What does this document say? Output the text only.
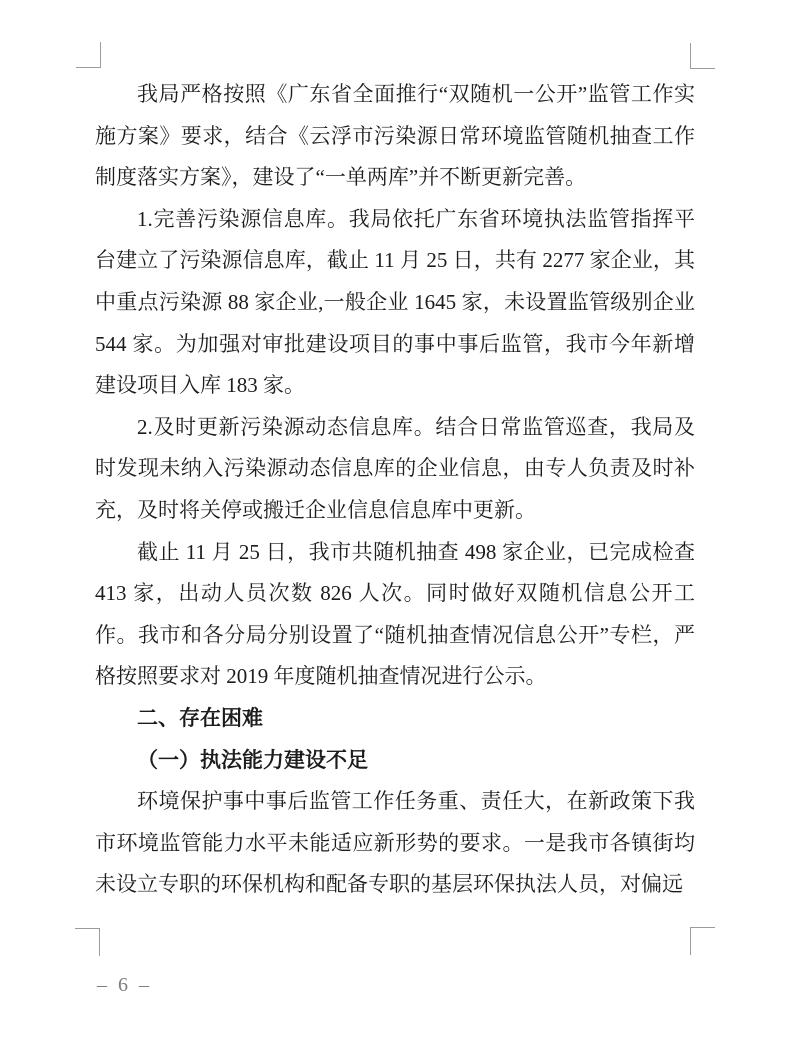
我局严格按照《广东省全面推行“双随机一公开”监管工作实施方案》要求，结合《云浮市污染源日常环境监管随机抽查工作制度落实方案》，建设了“一单两库”并不断更新完善。

1.完善污染源信息库。我局依托广东省环境执法监管指挥平台建立了污染源信息库，截止 11 月 25 日，共有 2277 家企业，其中重点污染源 88 家企业,一般企业 1645 家，未设置监管级别企业 544 家。为加强对审批建设项目的事中事后监管，我市今年新增建设项目入库 183 家。

2.及时更新污染源动态信息库。结合日常监管巡查，我局及时发现未纳入污染源动态信息库的企业信息，由专人负责及时补充，及时将关停或搬迁企业信息信息库中更新。

截止 11 月 25 日，我市共随机抽查 498 家企业，已完成检查 413 家，出动人员次数 826 人次。同时做好双随机信息公开工作。我市和各分局分别设置了“随机抽查情况信息公开”专栏，严格按照要求对 2019 年度随机抽查情况进行公示。

二、存在困难

（一）执法能力建设不足

环境保护事中事后监管工作任务重、责任大，在新政策下我市环境监管能力水平未能适应新形势的要求。一是我市各镇街均未设立专职的环保机构和配备专职的基层环保执法人员，对偏远

– 6 –
